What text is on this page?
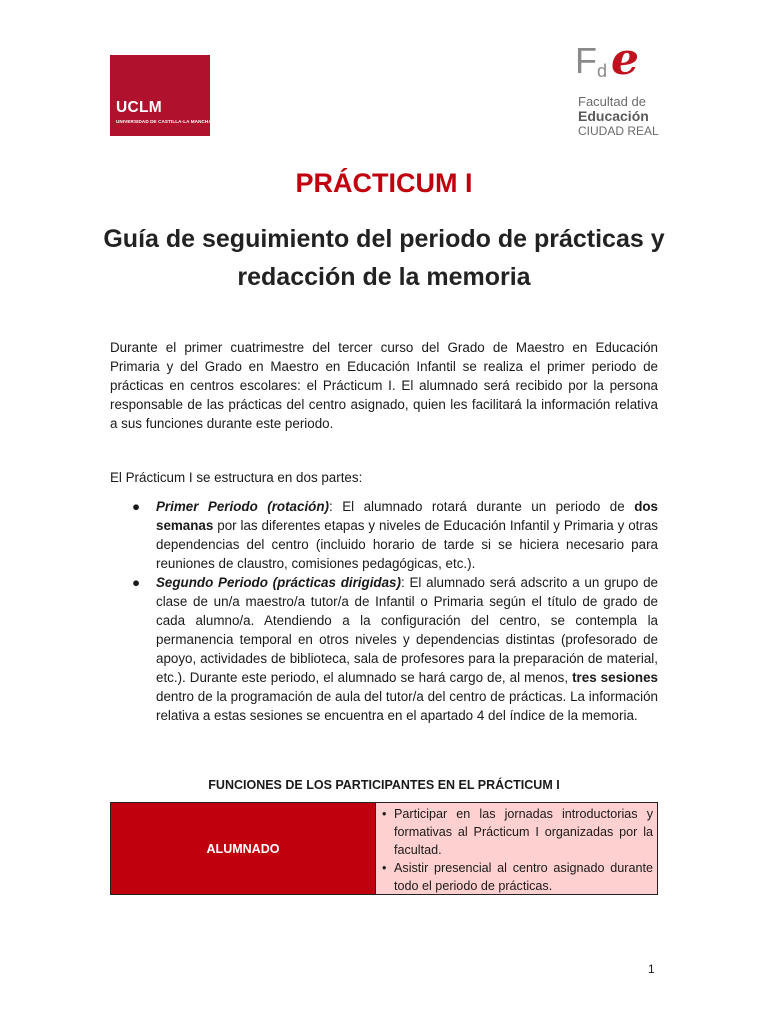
UCLM
UNIVERSIDAD DE CASTILLA-LA MANCHA
Fd e
Facultad de
Educación
CIUDAD REAL
PRÁCTICUM I
Guía de seguimiento del periodo de prácticas y redacción de la memoria
Durante el primer cuatrimestre del tercer curso del Grado de Maestro en Educación Primaria y del Grado en Maestro en Educación Infantil se realiza el primer periodo de prácticas en centros escolares: el Prácticum I. El alumnado será recibido por la persona responsable de las prácticas del centro asignado, quien les facilitará la información relativa a sus funciones durante este periodo.
El Prácticum I se estructura en dos partes:
● Primer Periodo (rotación): El alumnado rotará durante un periodo de dos semanas por las diferentes etapas y niveles de Educación Infantil y Primaria y otras dependencias del centro (incluido horario de tarde si se hiciera necesario para reuniones de claustro, comisiones pedagógicas, etc.).
● Segundo Periodo (prácticas dirigidas): El alumnado será adscrito a un grupo de clase de un/a maestro/a tutor/a de Infantil o Primaria según el título de grado de cada alumno/a. Atendiendo a la configuración del centro, se contempla la permanencia temporal en otros niveles y dependencias distintas (profesorado de apoyo, actividades de biblioteca, sala de profesores para la preparación de material, etc.). Durante este periodo, el alumnado se hará cargo de, al menos, tres sesiones dentro de la programación de aula del tutor/a del centro de prácticas. La información relativa a estas sesiones se encuentra en el apartado 4 del índice de la memoria.
FUNCIONES DE LOS PARTICIPANTES EN EL PRÁCTICUM I
ALUMNADO
• Participar en las jornadas introductorias y formativas al Prácticum I organizadas por la facultad.
• Asistir presencial al centro asignado durante todo el periodo de prácticas.
1
